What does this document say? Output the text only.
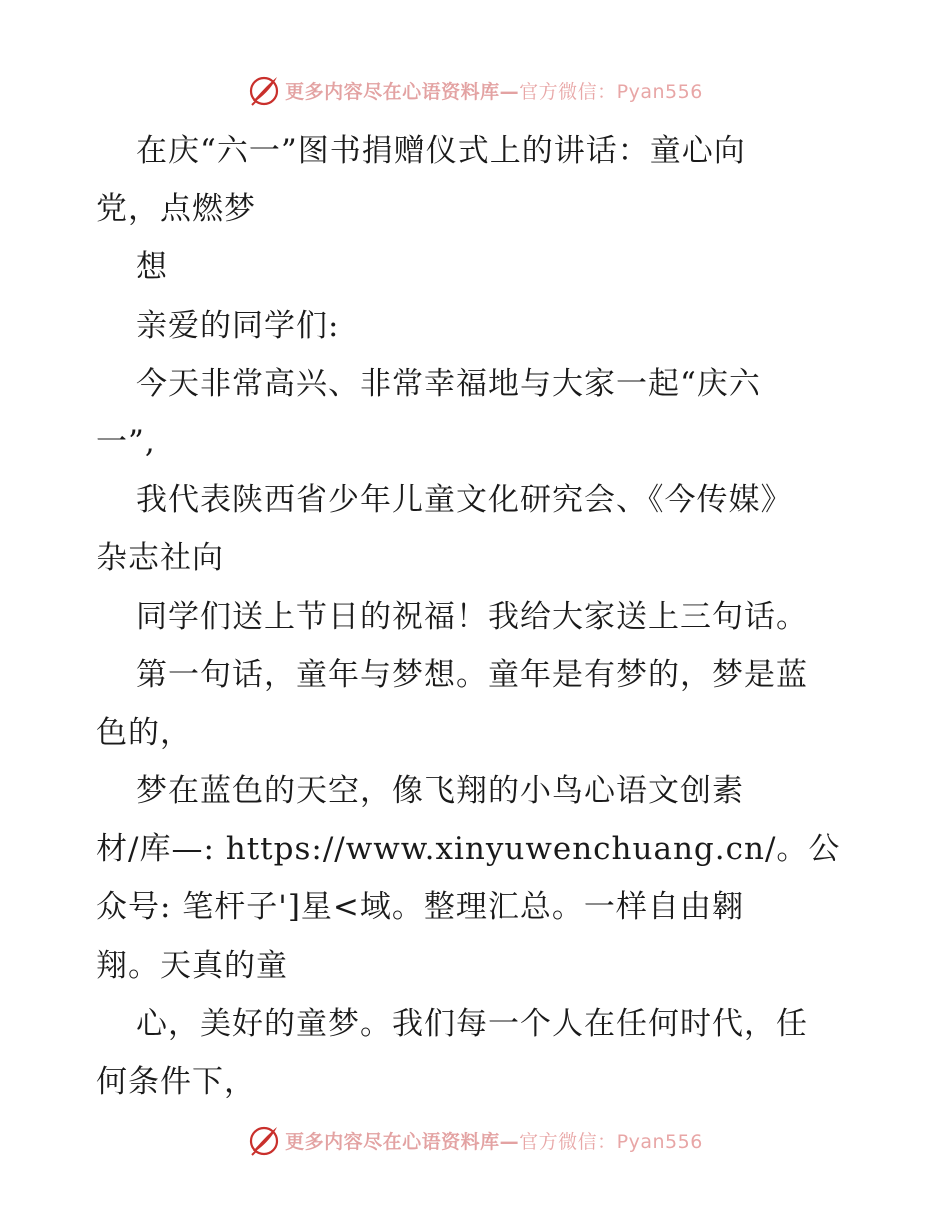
更多内容尽在心语资料库—官方微信：Pyan556
在庆“六一”图书捐赠仪式上的讲话：童心向
党，点燃梦
想
亲爱的同学们:
今天非常高兴、非常幸福地与大家一起“庆六
一”,
我代表陕西省少年儿童文化研究会、《今传媒》
杂志社向
同学们送上节日的祝福！我给大家送上三句话。
第一句话，童年与梦想。童年是有梦的，梦是蓝
色的，
梦在蓝色的天空，像飞翔的小鸟心语文创素
材/库—: https://www.xinyuwenchuang.cn/。公
众号: 笔杆子']星<域。整理汇总。一样自由翱
翔。天真的童
心，美好的童梦。我们每一个人在任何时代，任
何条件下，
更多内容尽在心语资料库—官方微信：Pyan556
